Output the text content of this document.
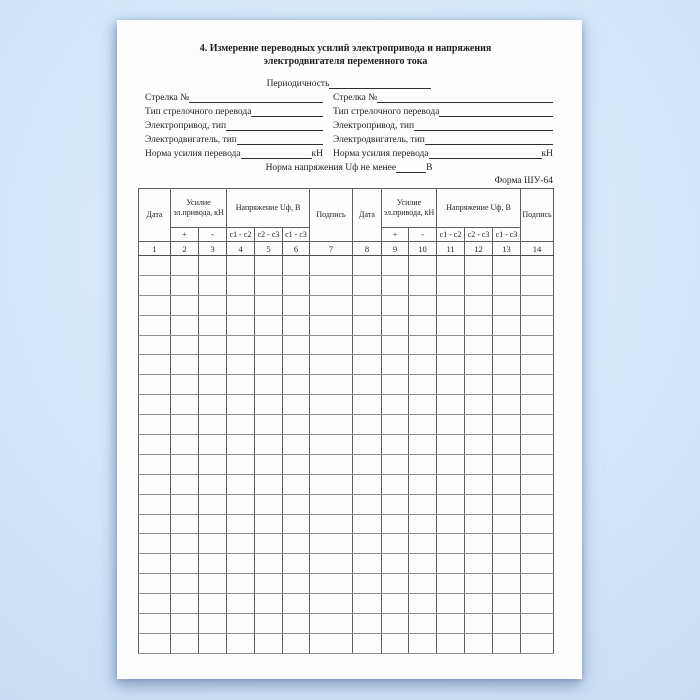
4. Измерение переводных усилий электропривода и напряжения
электродвигателя переменного тока
Периодичность
Стрелка №	Стрелка №
Тип стрелочного перевода	Тип стрелочного перевода
Электропривод, тип	Электропривод, тип
Электродвигатель, тип	Электродвигатель, тип
Норма усилия перевода	кН Норма усилия перевода	кН
Норма напряжения Uф не менее	В
Форма ШУ-64
Дата	Усилие эл.привода, кН		Напряжение Uф, В			Подпись	Дата	Усилие эл.привода, кН		Напряжение Uф, В			Подпись
	+	-	с1 - с2	с2 - с3	с1 - с3			+	-	с1 - с2	с2 - с3	с1 - с3	
1	2	3	4	5	6	7	8	9	10	11	12	13	14
